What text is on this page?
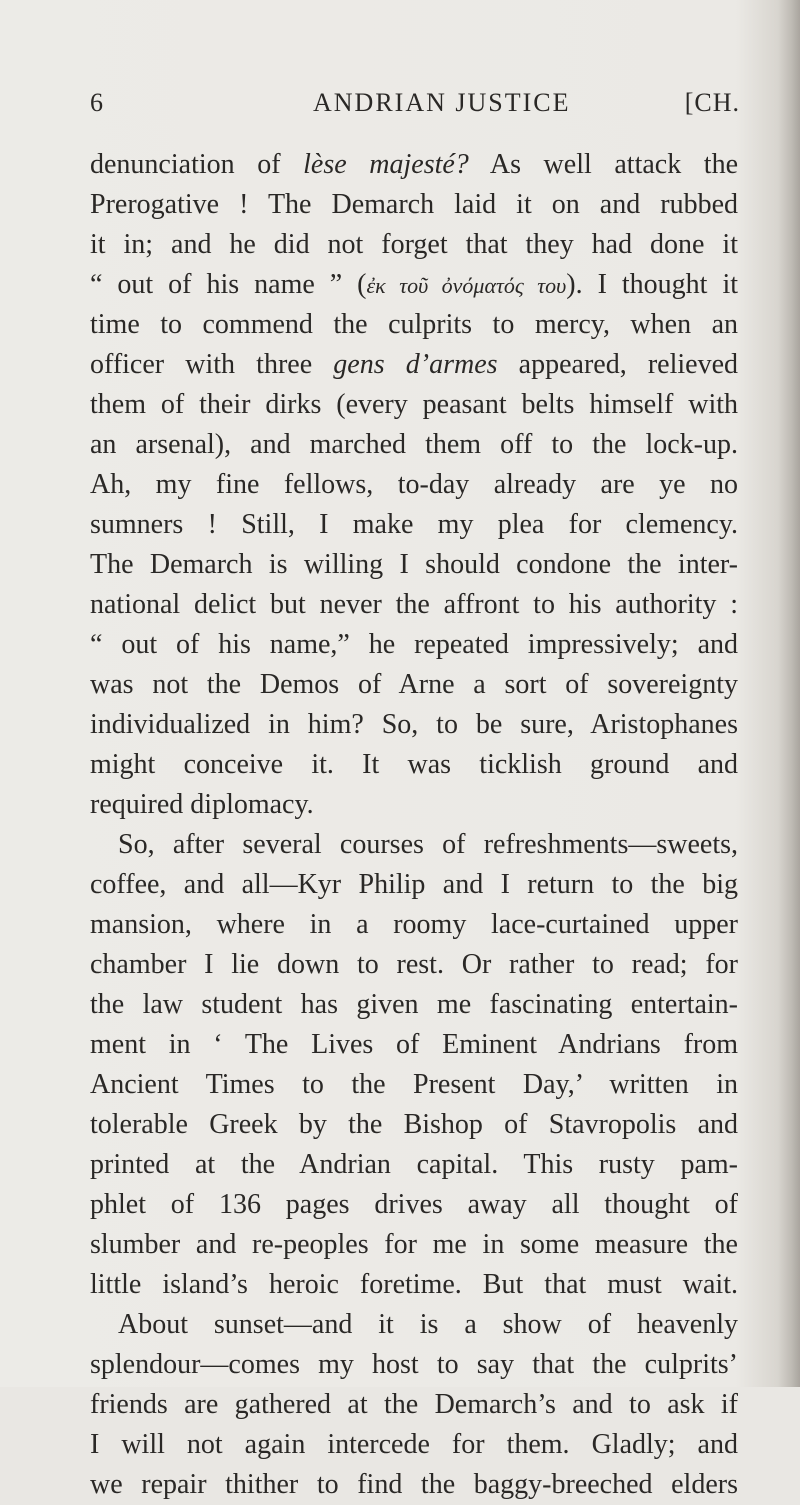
6	ANDRIAN JUSTICE	[CH.
denunciation of lèse majesté? As well attack the
Prerogative ! The Demarch laid it on and rubbed
it in; and he did not forget that they had done it
“ out of his name ” (ἐκ τοῦ ὀνόματός του). I thought it
time to commend the culprits to mercy, when an
officer with three gens d’armes appeared, relieved
them of their dirks (every peasant belts himself with
an arsenal), and marched them off to the lock-up.
Ah, my fine fellows, to-day already are ye no
sumners ! Still, I make my plea for clemency.
The Demarch is willing I should condone the inter-
national delict but never the affront to his authority :
“ out of his name,” he repeated impressively; and
was not the Demos of Arne a sort of sovereignty
individualized in him? So, to be sure, Aristophanes
might conceive it. It was ticklish ground and
required diplomacy.
So, after several courses of refreshments—sweets,
coffee, and all—Kyr Philip and I return to the big
mansion, where in a roomy lace-curtained upper
chamber I lie down to rest. Or rather to read; for
the law student has given me fascinating entertain-
ment in ‘ The Lives of Eminent Andrians from
Ancient Times to the Present Day,’ written in
tolerable Greek by the Bishop of Stavropolis and
printed at the Andrian capital. This rusty pam-
phlet of 136 pages drives away all thought of
slumber and re-peoples for me in some measure the
little island’s heroic foretime. But that must wait.
About sunset—and it is a show of heavenly
splendour—comes my host to say that the culprits’
friends are gathered at the Demarch’s and to ask if
I will not again intercede for them. Gladly; and
we repair thither to find the baggy-breeched elders
